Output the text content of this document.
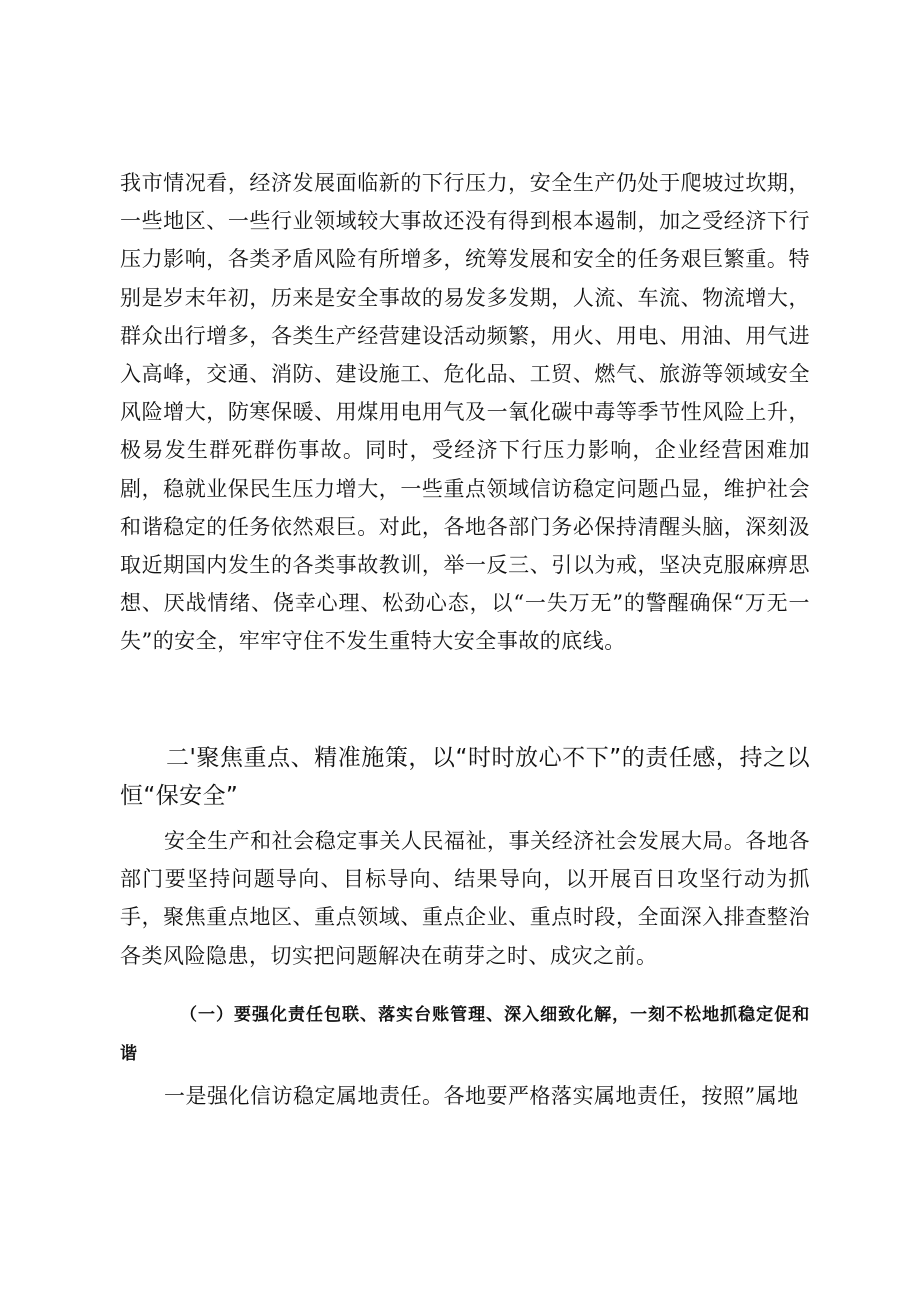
我市情况看，经济发展面临新的下行压力，安全生产仍处于爬坡过坎期，一些地区、一些行业领域较大事故还没有得到根本遏制，加之受经济下行压力影响，各类矛盾风险有所增多，统筹发展和安全的任务艰巨繁重。特别是岁末年初，历来是安全事故的易发多发期，人流、车流、物流增大，群众出行增多，各类生产经营建设活动频繁，用火、用电、用油、用气进入高峰，交通、消防、建设施工、危化品、工贸、燃气、旅游等领域安全风险增大，防寒保暖、用煤用电用气及一氧化碳中毒等季节性风险上升，极易发生群死群伤事故。同时，受经济下行压力影响，企业经营困难加剧，稳就业保民生压力增大，一些重点领域信访稳定问题凸显，维护社会和谐稳定的任务依然艰巨。对此，各地各部门务必保持清醒头脑，深刻汲取近期国内发生的各类事故教训，举一反三、引以为戒，坚决克服麻痹思想、厌战情绪、侥幸心理、松劲心态，以“一失万无”的警醒确保“万无一失”的安全，牢牢守住不发生重特大安全事故的底线。

二'聚焦重点、精准施策，以“时时放心不下”的责任感，持之以恒“保安全”

安全生产和社会稳定事关人民福祉，事关经济社会发展大局。各地各部门要坚持问题导向、目标导向、结果导向，以开展百日攻坚行动为抓手，聚焦重点地区、重点领域、重点企业、重点时段，全面深入排查整治各类风险隐患，切实把问题解决在萌芽之时、成灾之前。

（一）要强化责任包联、落实台账管理、深入细致化解，一刻不松地抓稳定促和谐

一是强化信访稳定属地责任。各地要严格落实属地责任，按照”属地
